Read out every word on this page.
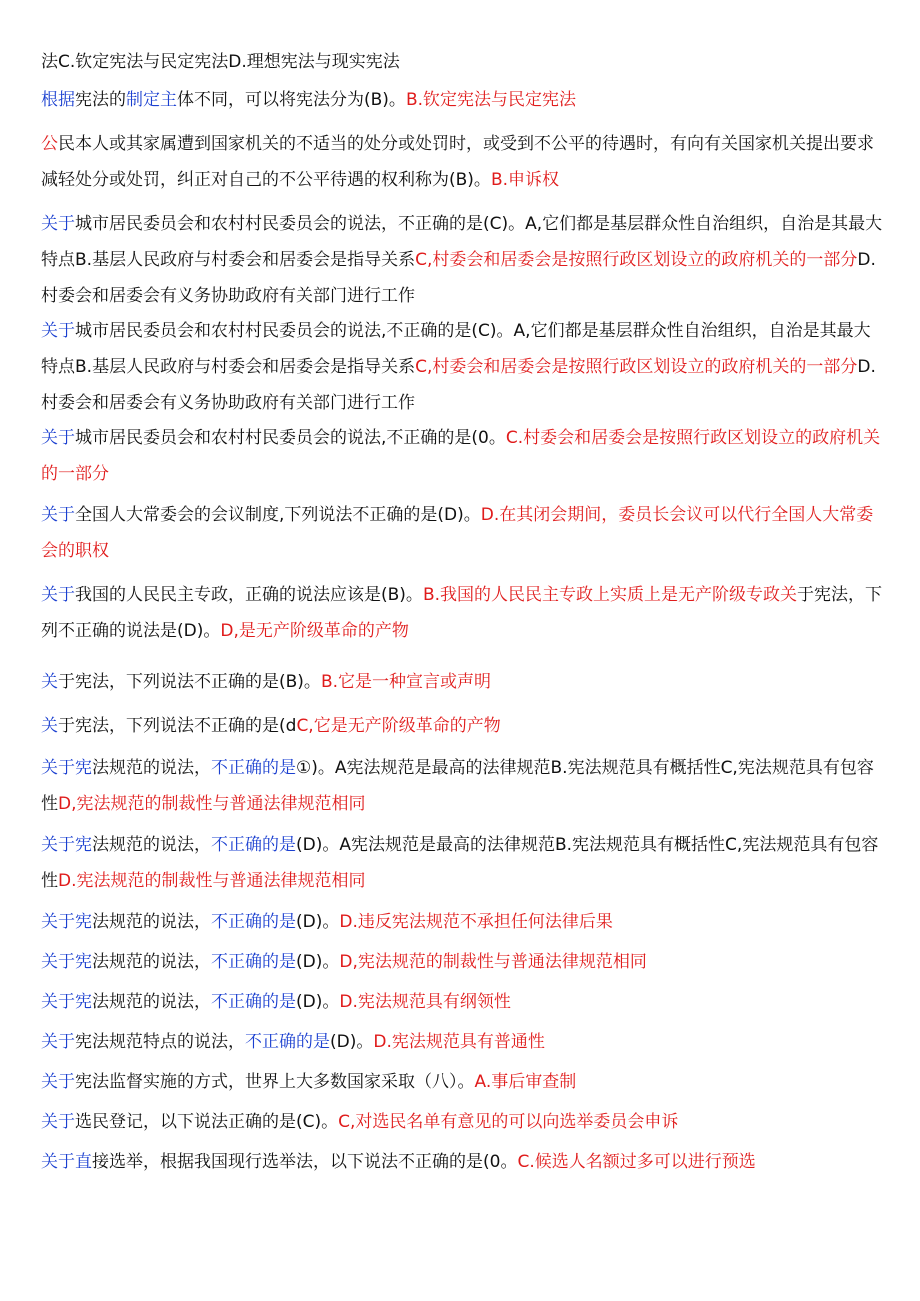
法C.钦定宪法与民定宪法D.理想宪法与现实宪法

根据宪法的制定主体不同，可以将宪法分为(B)。B.钦定宪法与民定宪法

公民本人或其家属遭到国家机关的不适当的处分或处罚时，或受到不公平的待遇时，有向有关国家机关提出要求减轻处分或处罚，纠正对自己的不公平待遇的权利称为(B)。B.申诉权

关于城市居民委员会和农村村民委员会的说法，不正确的是(C)。A,它们都是基层群众性自治组织，自治是其最大特点B.基层人民政府与村委会和居委会是指导关系C,村委会和居委会是按照行政区划设立的政府机关的一部分D.村委会和居委会有义务协助政府有关部门进行工作

关于城市居民委员会和农村村民委员会的说法,不正确的是(C)。A,它们都是基层群众性自治组织，自治是其最大特点B.基层人民政府与村委会和居委会是指导关系C,村委会和居委会是按照行政区划设立的政府机关的一部分D.村委会和居委会有义务协助政府有关部门进行工作

关于城市居民委员会和农村村民委员会的说法,不正确的是(0。C.村委会和居委会是按照行政区划设立的政府机关的一部分

关于全国人大常委会的会议制度,下列说法不正确的是(D)。D.在其闭会期间，委员长会议可以代行全国人大常委会的职权

关于我国的人民民主专政，正确的说法应该是(B)。B.我国的人民民主专政上实质上是无产阶级专政关于宪法，下列不正确的说法是(D)。D,是无产阶级革命的产物

关于宪法，下列说法不正确的是(B)。B.它是一种宣言或声明

关于宪法，下列说法不正确的是(dC,它是无产阶级革命的产物

关于宪法规范的说法，不正确的是①)。A宪法规范是最高的法律规范B.宪法规范具有概括性C,宪法规范具有包容性D,宪法规范的制裁性与普通法律规范相同

关于宪法规范的说法，不正确的是(D)。A宪法规范是最高的法律规范B.宪法规范具有概括性C,宪法规范具有包容性D.宪法规范的制裁性与普通法律规范相同

关于宪法规范的说法，不正确的是(D)。D.违反宪法规范不承担任何法律后果

关于宪法规范的说法，不正确的是(D)。D,宪法规范的制裁性与普通法律规范相同

关于宪法规范的说法，不正确的是(D)。D.宪法规范具有纲领性

关于宪法规范特点的说法，不正确的是(D)。D.宪法规范具有普通性

关于宪法监督实施的方式，世界上大多数国家采取（八）。A.事后审查制

关于选民登记，以下说法正确的是(C)。C,对选民名单有意见的可以向选举委员会申诉

关于直接选举，根据我国现行选举法，以下说法不正确的是(0。C.候选人名额过多可以进行预选
